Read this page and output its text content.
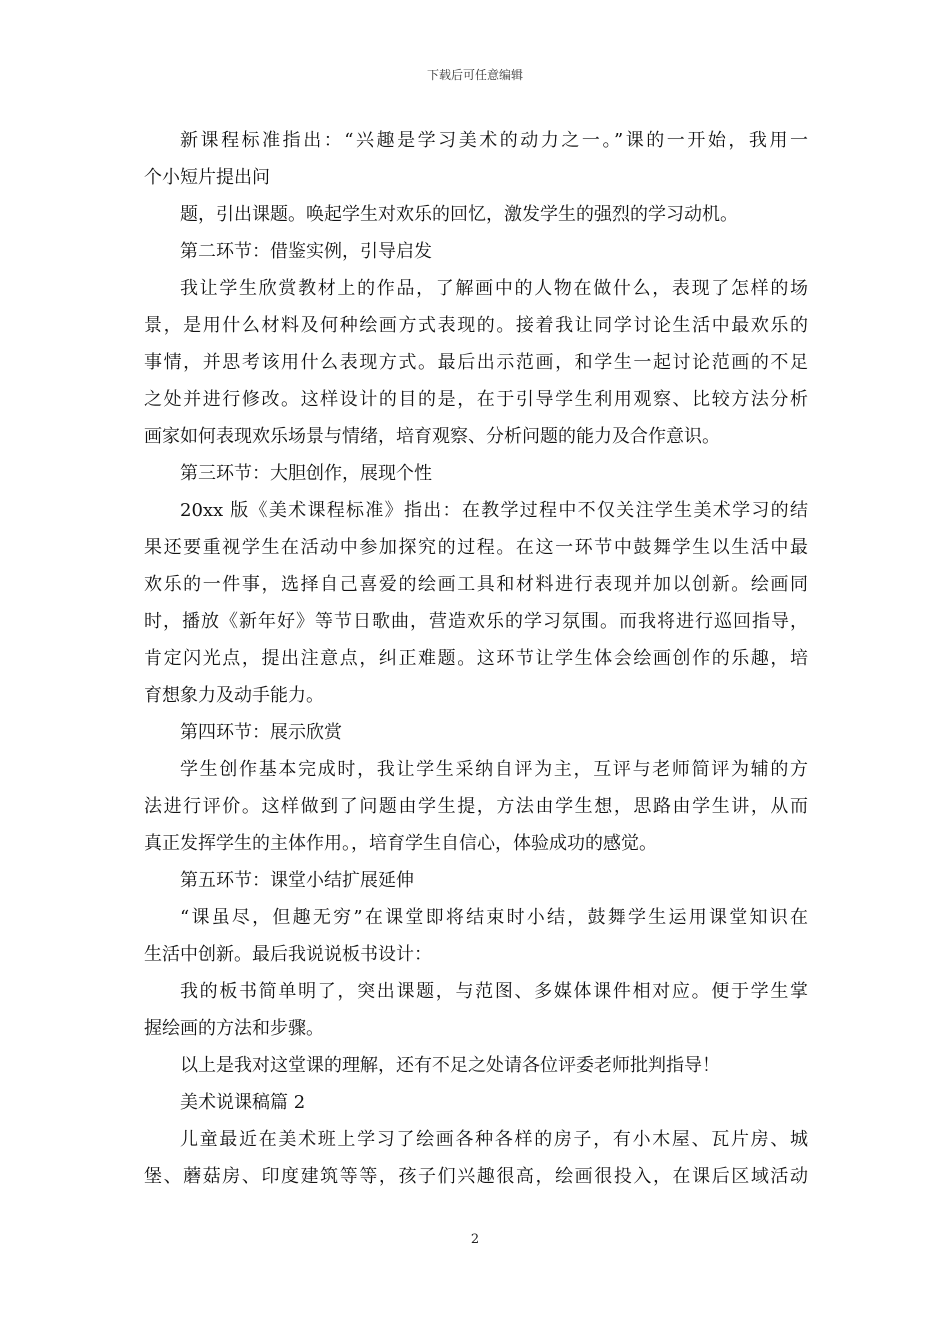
下载后可任意编辑
新课程标准指出：“兴趣是学习美术的动力之一。”课的一开始，我用一
个小短片提出问
题，引出课题。唤起学生对欢乐的回忆，激发学生的强烈的学习动机。
第二环节：借鉴实例，引导启发
我让学生欣赏教材上的作品，了解画中的人物在做什么，表现了怎样的场
景，是用什么材料及何种绘画方式表现的。接着我让同学讨论生活中最欢乐的
事情，并思考该用什么表现方式。最后出示范画，和学生一起讨论范画的不足
之处并进行修改。这样设计的目的是，在于引导学生利用观察、比较方法分析
画家如何表现欢乐场景与情绪，培育观察、分析问题的能力及合作意识。
第三环节：大胆创作，展现个性
20xx 版《美术课程标准》指出：在教学过程中不仅关注学生美术学习的结
果还要重视学生在活动中参加探究的过程。在这一环节中鼓舞学生以生活中最
欢乐的一件事，选择自己喜爱的绘画工具和材料进行表现并加以创新。绘画同
时，播放《新年好》等节日歌曲，营造欢乐的学习氛围。而我将进行巡回指导，
肯定闪光点，提出注意点，纠正难题。这环节让学生体会绘画创作的乐趣，培
育想象力及动手能力。
第四环节：展示欣赏
学生创作基本完成时，我让学生采纳自评为主，互评与老师简评为辅的方
法进行评价。这样做到了问题由学生提，方法由学生想，思路由学生讲，从而
真正发挥学生的主体作用。，培育学生自信心，体验成功的感觉。
第五环节：课堂小结扩展延伸
“课虽尽，但趣无穷”在课堂即将结束时小结，鼓舞学生运用课堂知识在
生活中创新。最后我说说板书设计：
我的板书简单明了，突出课题，与范图、多媒体课件相对应。便于学生掌
握绘画的方法和步骤。
以上是我对这堂课的理解，还有不足之处请各位评委老师批判指导！
美术说课稿篇 2
儿童最近在美术班上学习了绘画各种各样的房子，有小木屋、瓦片房、城
堡、蘑菇房、印度建筑等等，孩子们兴趣很高，绘画很投入，在课后区域活动
2
